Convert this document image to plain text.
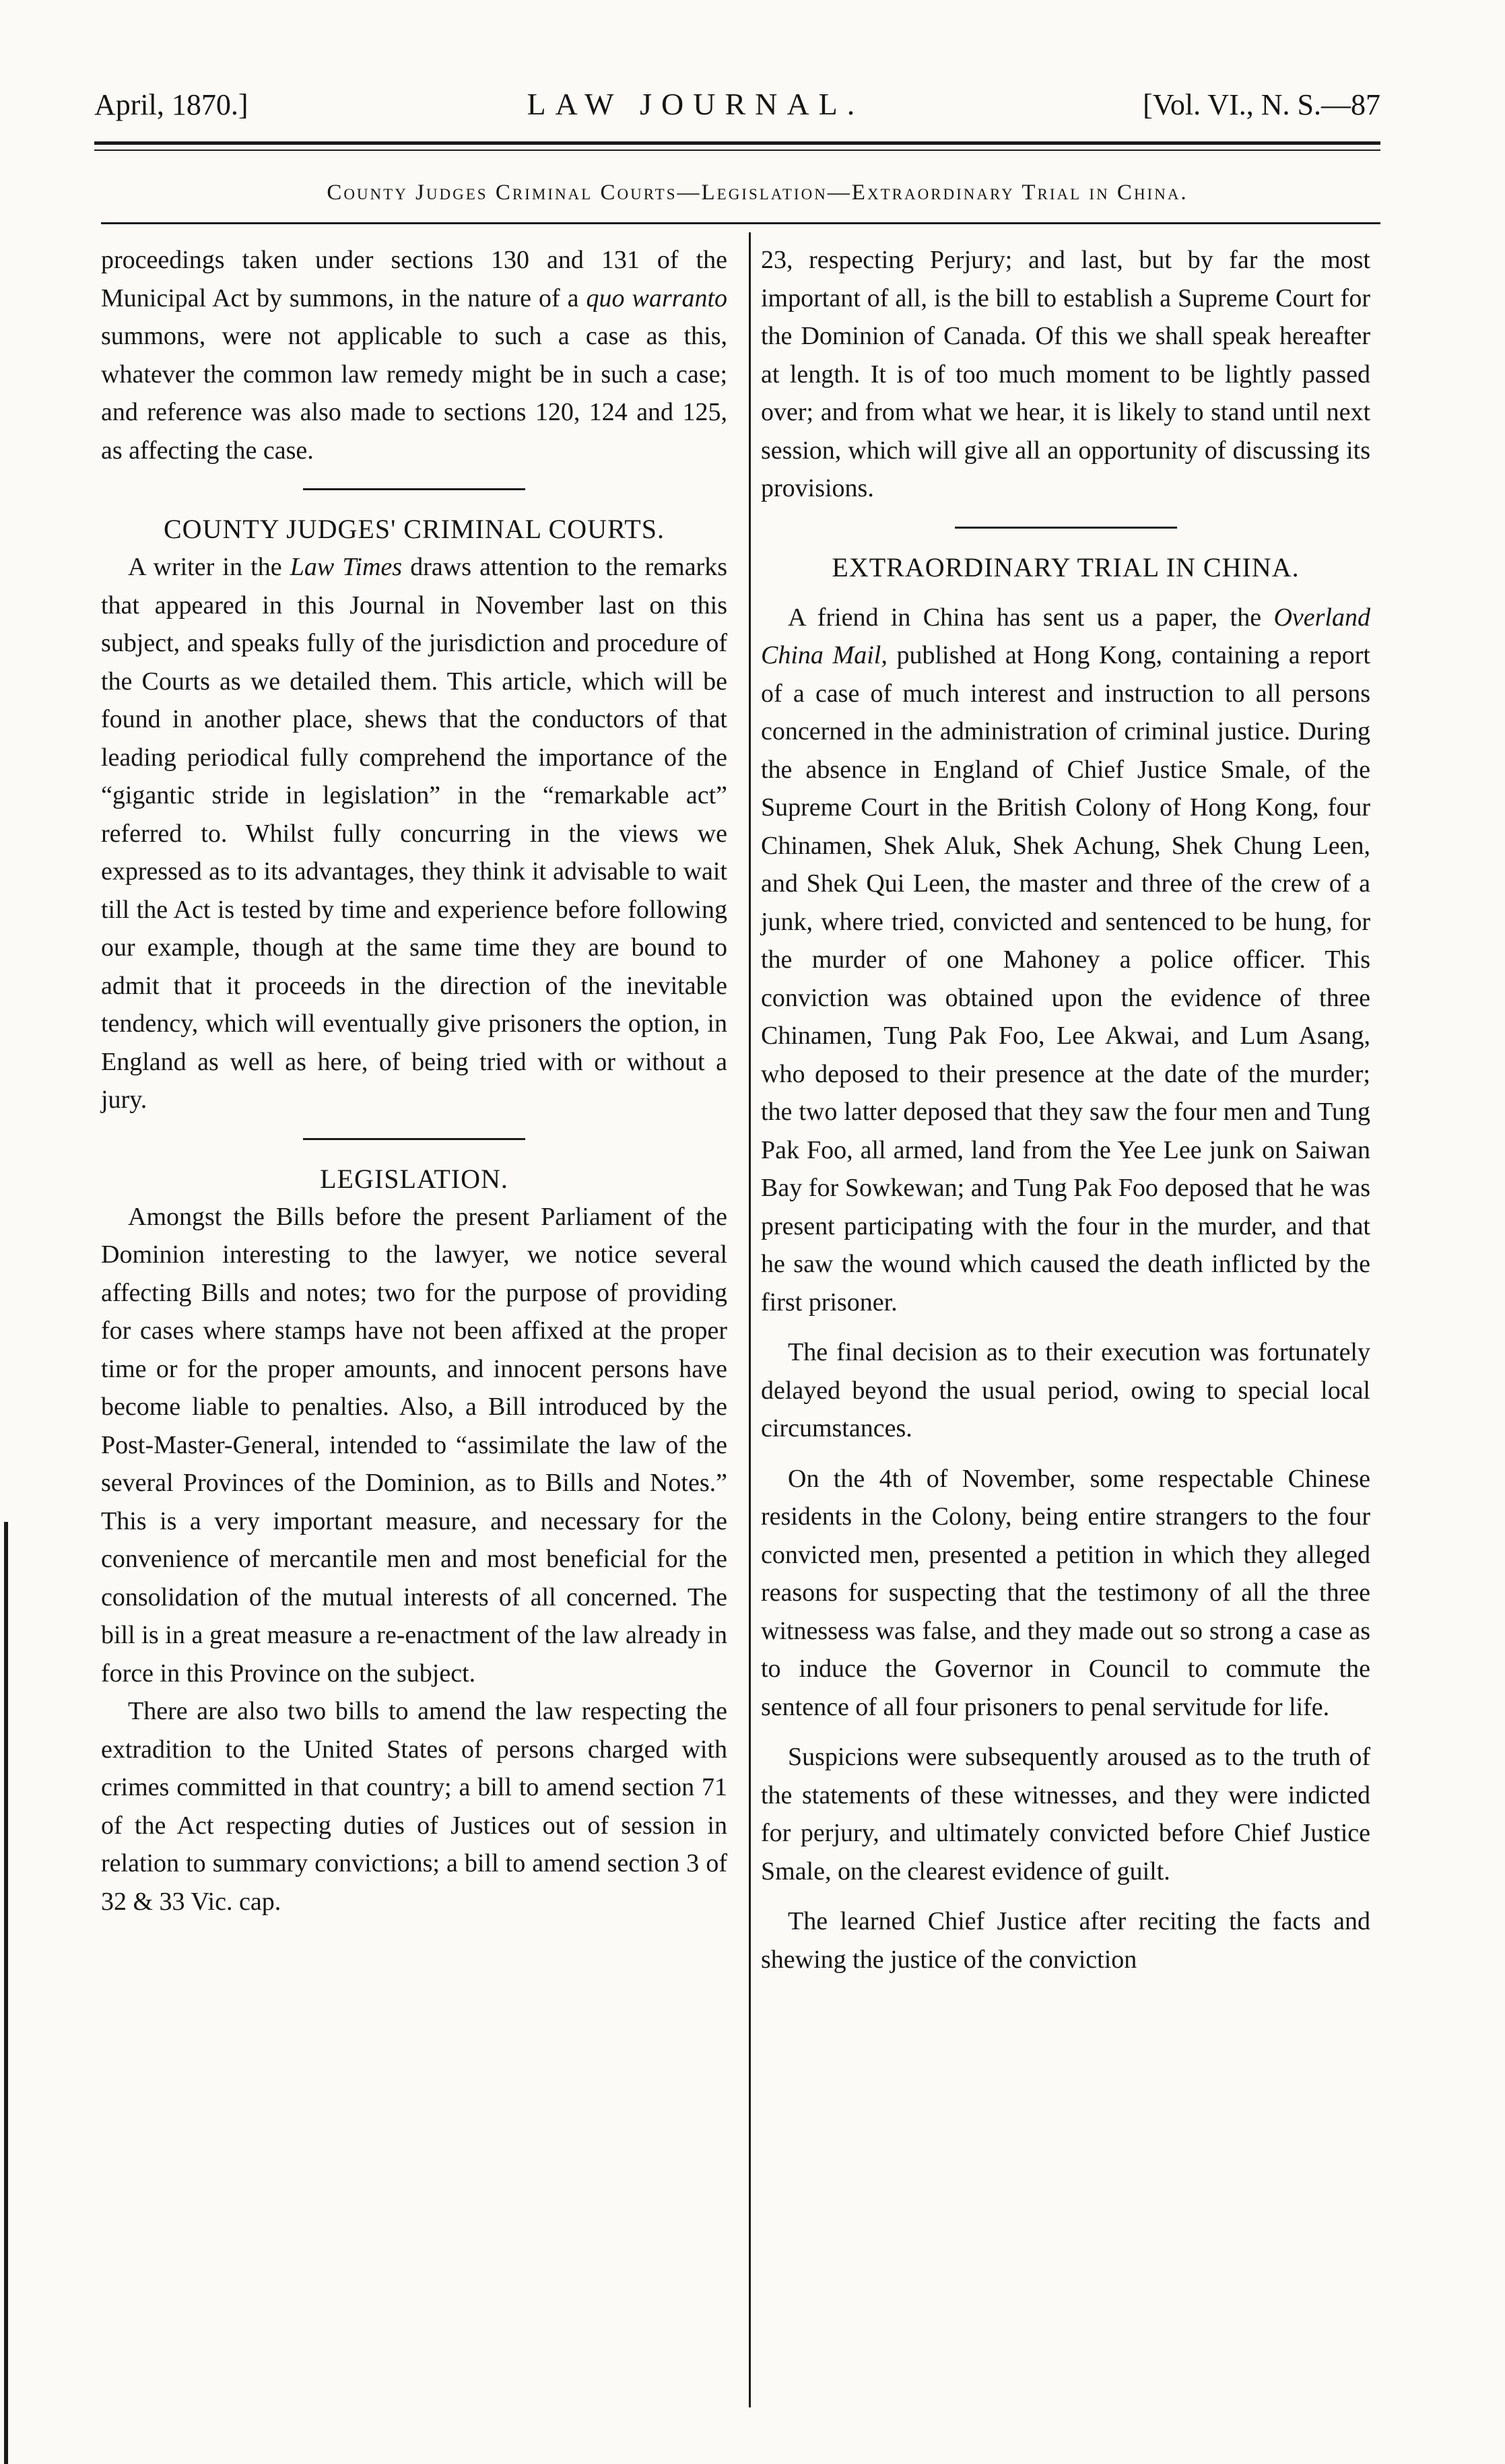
April, 1870.]	LAW JOURNAL.	[Vol. VI., N. S.—87
County Judges Criminal Courts—Legislation—Extraordinary Trial in China.

proceedings taken under sections 130 and 131 of the Municipal Act by summons, in the nature of a quo warranto summons, were not applicable to such a case as this, whatever the common law remedy might be in such a case; and reference was also made to sections 120, 124 and 125, as affecting the case.

COUNTY JUDGES' CRIMINAL COURTS.

A writer in the Law Times draws attention to the remarks that appeared in this Journal in November last on this subject, and speaks fully of the jurisdiction and procedure of the Courts as we detailed them. This article, which will be found in another place, shews that the conductors of that leading periodical fully comprehend the importance of the “gigantic stride in legislation” in the “remarkable act” referred to. Whilst fully concurring in the views we expressed as to its advantages, they think it advisable to wait till the Act is tested by time and experience before following our example, though at the same time they are bound to admit that it proceeds in the direction of the inevitable tendency, which will eventually give prisoners the option, in England as well as here, of being tried with or without a jury.

LEGISLATION.

Amongst the Bills before the present Parliament of the Dominion interesting to the lawyer, we notice several affecting Bills and notes; two for the purpose of providing for cases where stamps have not been affixed at the proper time or for the proper amounts, and innocent persons have become liable to penalties. Also, a Bill introduced by the Post-Master-General, intended to “assimilate the law of the several Provinces of the Dominion, as to Bills and Notes.” This is a very important measure, and necessary for the convenience of mercantile men and most beneficial for the consolidation of the mutual interests of all concerned. The bill is in a great measure a re-enactment of the law already in force in this Province on the subject.

There are also two bills to amend the law respecting the extradition to the United States of persons charged with crimes committed in that country; a bill to amend section 71 of the Act respecting duties of Justices out of session in relation to summary convictions; a bill to amend section 3 of 32 & 33 Vic. cap.

23, respecting Perjury; and last, but by far the most important of all, is the bill to establish a Supreme Court for the Dominion of Canada. Of this we shall speak hereafter at length. It is of too much moment to be lightly passed over; and from what we hear, it is likely to stand until next session, which will give all an opportunity of discussing its provisions.

EXTRAORDINARY TRIAL IN CHINA.

A friend in China has sent us a paper, the Overland China Mail, published at Hong Kong, containing a report of a case of much interest and instruction to all persons concerned in the administration of criminal justice. During the absence in England of Chief Justice Smale, of the Supreme Court in the British Colony of Hong Kong, four Chinamen, Shek Aluk, Shek Achung, Shek Chung Leen, and Shek Qui Leen, the master and three of the crew of a junk, where tried, convicted and sentenced to be hung, for the murder of one Mahoney a police officer. This conviction was obtained upon the evidence of three Chinamen, Tung Pak Foo, Lee Akwai, and Lum Asang, who deposed to their presence at the date of the murder; the two latter deposed that they saw the four men and Tung Pak Foo, all armed, land from the Yee Lee junk on Saiwan Bay for Sowkewan; and Tung Pak Foo deposed that he was present participating with the four in the murder, and that he saw the wound which caused the death inflicted by the first prisoner.

The final decision as to their execution was fortunately delayed beyond the usual period, owing to special local circumstances.

On the 4th of November, some respectable Chinese residents in the Colony, being entire strangers to the four convicted men, presented a petition in which they alleged reasons for suspecting that the testimony of all the three witnessess was false, and they made out so strong a case as to induce the Governor in Council to commute the sentence of all four prisoners to penal servitude for life.

Suspicions were subsequently aroused as to the truth of the statements of these witnesses, and they were indicted for perjury, and ultimately convicted before Chief Justice Smale, on the clearest evidence of guilt.

The learned Chief Justice after reciting the facts and shewing the justice of the conviction
